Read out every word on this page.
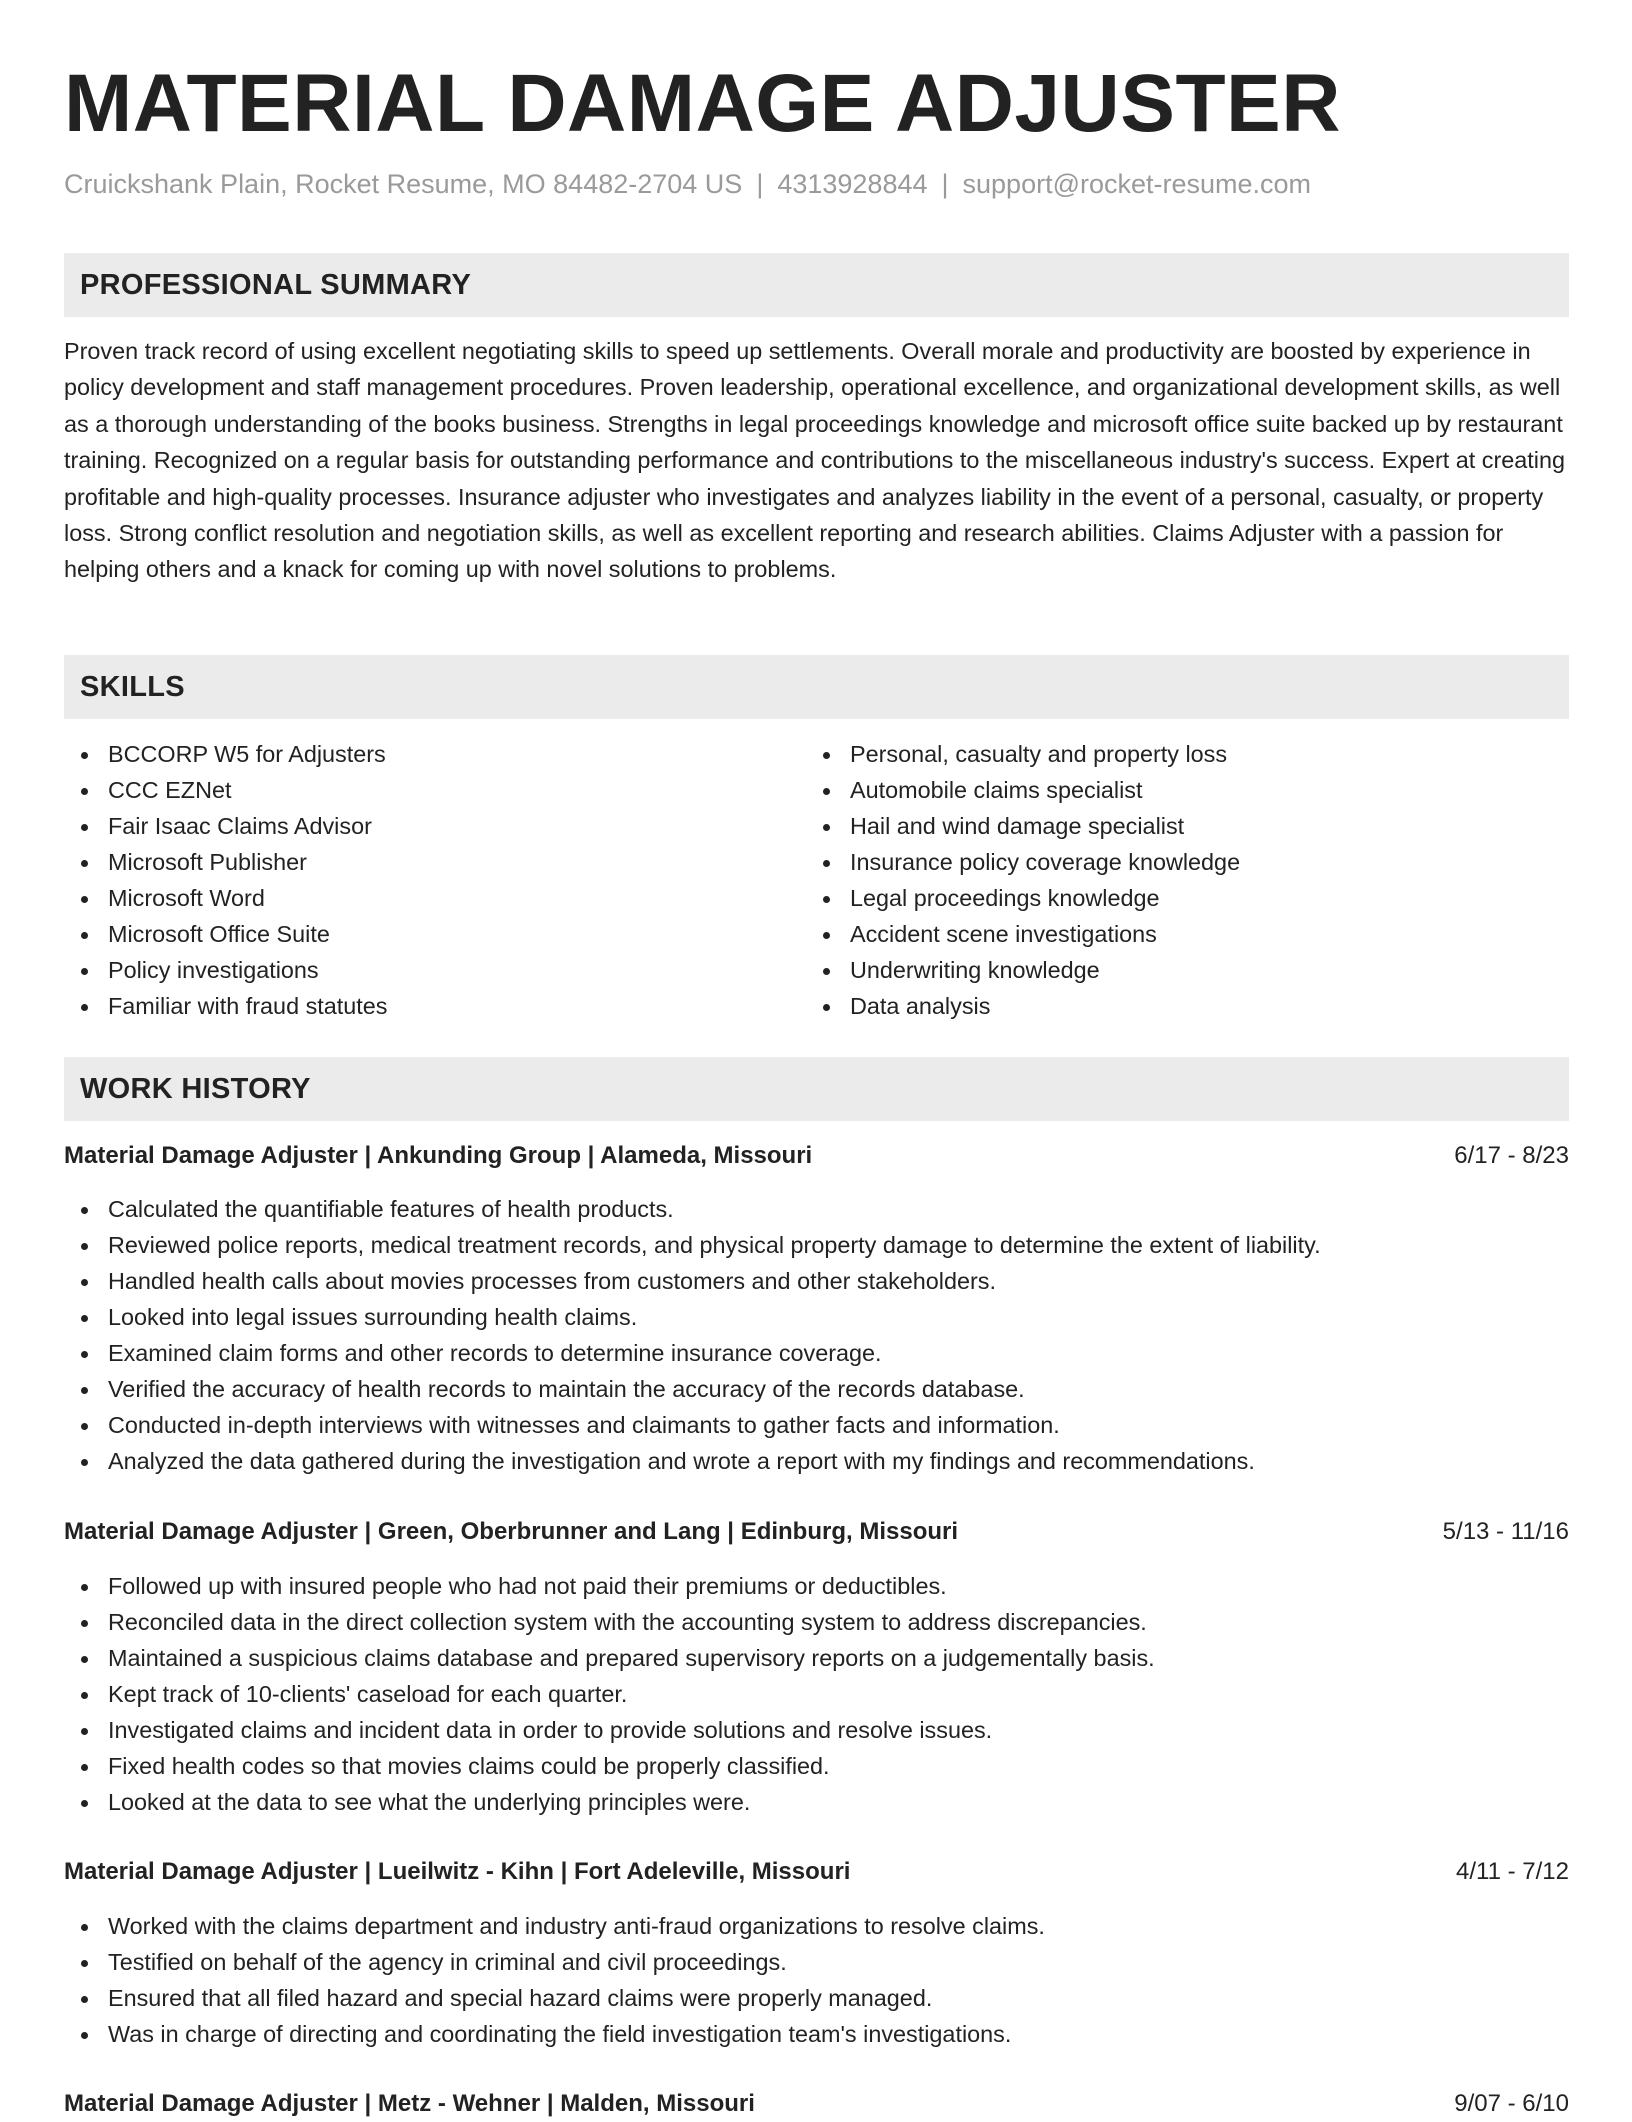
MATERIAL DAMAGE ADJUSTER
Cruickshank Plain, Rocket Resume, MO 84482-2704 US | 4313928844 | support@rocket-resume.com
PROFESSIONAL SUMMARY

Proven track record of using excellent negotiating skills to speed up settlements. Overall morale and productivity are boosted by experience in policy development and staff management procedures. Proven leadership, operational excellence, and organizational development skills, as well as a thorough understanding of the books business. Strengths in legal proceedings knowledge and microsoft office suite backed up by restaurant training. Recognized on a regular basis for outstanding performance and contributions to the miscellaneous industry's success. Expert at creating profitable and high-quality processes. Insurance adjuster who investigates and analyzes liability in the event of a personal, casualty, or property loss. Strong conflict resolution and negotiation skills, as well as excellent reporting and research abilities. Claims Adjuster with a passion for helping others and a knack for coming up with novel solutions to problems.

SKILLS
BCCORP W5 for Adjusters
CCC EZNet
Fair Isaac Claims Advisor
Microsoft Publisher
Microsoft Word
Microsoft Office Suite
Policy investigations
Familiar with fraud statutes
Personal, casualty and property loss
Automobile claims specialist
Hail and wind damage specialist
Insurance policy coverage knowledge
Legal proceedings knowledge
Accident scene investigations
Underwriting knowledge
Data analysis
WORK HISTORY
Material Damage Adjuster | Ankunding Group | Alameda, Missouri	6/17 - 8/23
Calculated the quantifiable features of health products.
Reviewed police reports, medical treatment records, and physical property damage to determine the extent of liability.
Handled health calls about movies processes from customers and other stakeholders.
Looked into legal issues surrounding health claims.
Examined claim forms and other records to determine insurance coverage.
Verified the accuracy of health records to maintain the accuracy of the records database.
Conducted in-depth interviews with witnesses and claimants to gather facts and information.
Analyzed the data gathered during the investigation and wrote a report with my findings and recommendations.
Material Damage Adjuster | Green, Oberbrunner and Lang | Edinburg, Missouri	5/13 - 11/16
Followed up with insured people who had not paid their premiums or deductibles.
Reconciled data in the direct collection system with the accounting system to address discrepancies.
Maintained a suspicious claims database and prepared supervisory reports on a judgementally basis.
Kept track of 10-clients' caseload for each quarter.
Investigated claims and incident data in order to provide solutions and resolve issues.
Fixed health codes so that movies claims could be properly classified.
Looked at the data to see what the underlying principles were.
Material Damage Adjuster | Lueilwitz - Kihn | Fort Adeleville, Missouri	4/11 - 7/12
Worked with the claims department and industry anti-fraud organizations to resolve claims.
Testified on behalf of the agency in criminal and civil proceedings.
Ensured that all filed hazard and special hazard claims were properly managed.
Was in charge of directing and coordinating the field investigation team's investigations.
Material Damage Adjuster | Metz - Wehner | Malden, Missouri	9/07 - 6/10
